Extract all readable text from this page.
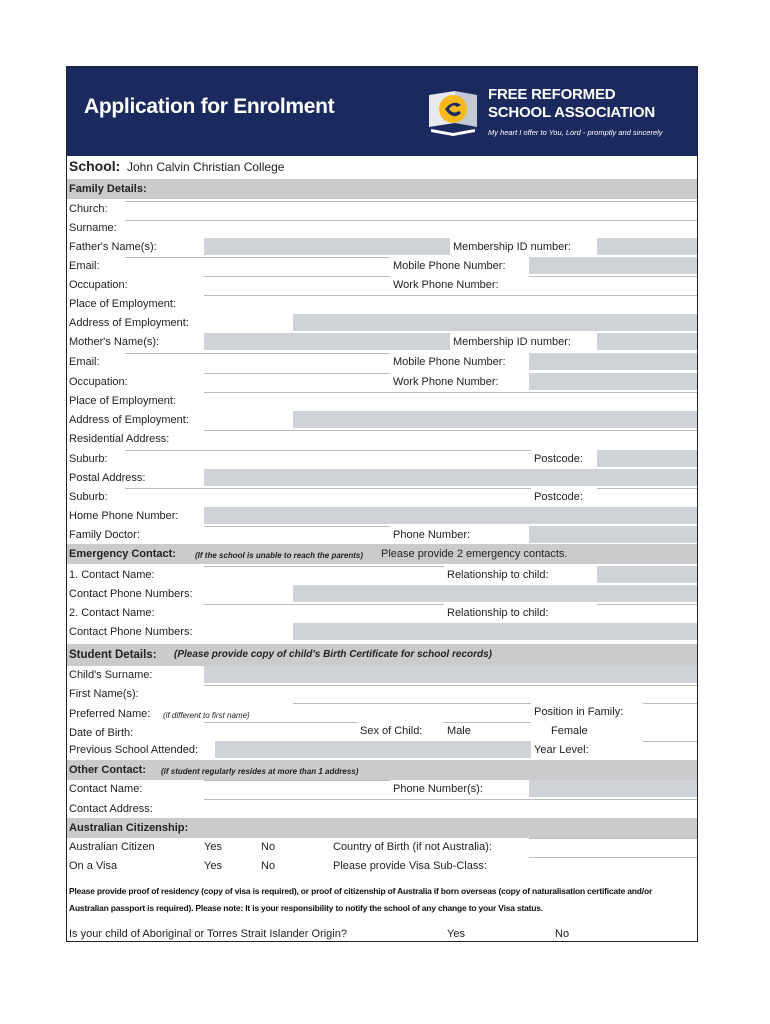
Application for Enrolment
FREE REFORMED
SCHOOL ASSOCIATION
My heart I offer to You, Lord - promptly and sincerely
School: John Calvin Christian College
Family Details:
Church:
Surname:
Father's Name(s):	Membership ID number:
Email:	Mobile Phone Number:
Occupation:	Work Phone Number:
Place of Employment:
Address of Employment:
Mother's Name(s):	Membership ID number:
Email:	Mobile Phone Number:
Occupation:	Work Phone Number:
Place of Employment:
Address of Employment:
Residential Address:
Suburb:	Postcode:
Postal Address:
Suburb:	Postcode:
Home Phone Number:
Family Doctor:	Phone Number:
Emergency Contact: (If the school is unable to reach the parents) Please provide 2 emergency contacts.
1. Contact Name:	Relationship to child:
Contact Phone Numbers:
2. Contact Name:	Relationship to child:
Contact Phone Numbers:
Student Details: (Please provide copy of child's Birth Certificate for school records)
Child's Surname:
First Name(s):
Preferred Name: (if different to first name)	Position in Family:
Date of Birth:	Sex of Child: Male	Female
Previous School Attended:	Year Level:
Other Contact: (if student regularly resides at more than 1 address)
Contact Name:	Phone Number(s):
Contact Address:
Australian Citizenship:
Australian Citizen	Yes	No	Country of Birth (if not Australia):
On a Visa	Yes	No	Please provide Visa Sub-Class:
Please provide proof of residency (copy of visa is required), or proof of citizenship of Australia if born overseas (copy of naturalisation certificate and/or
Australian passport is required). Please note: It is your responsibility to notify the school of any change to your Visa status.
Is your child of Aboriginal or Torres Strait Islander Origin?	Yes	No
